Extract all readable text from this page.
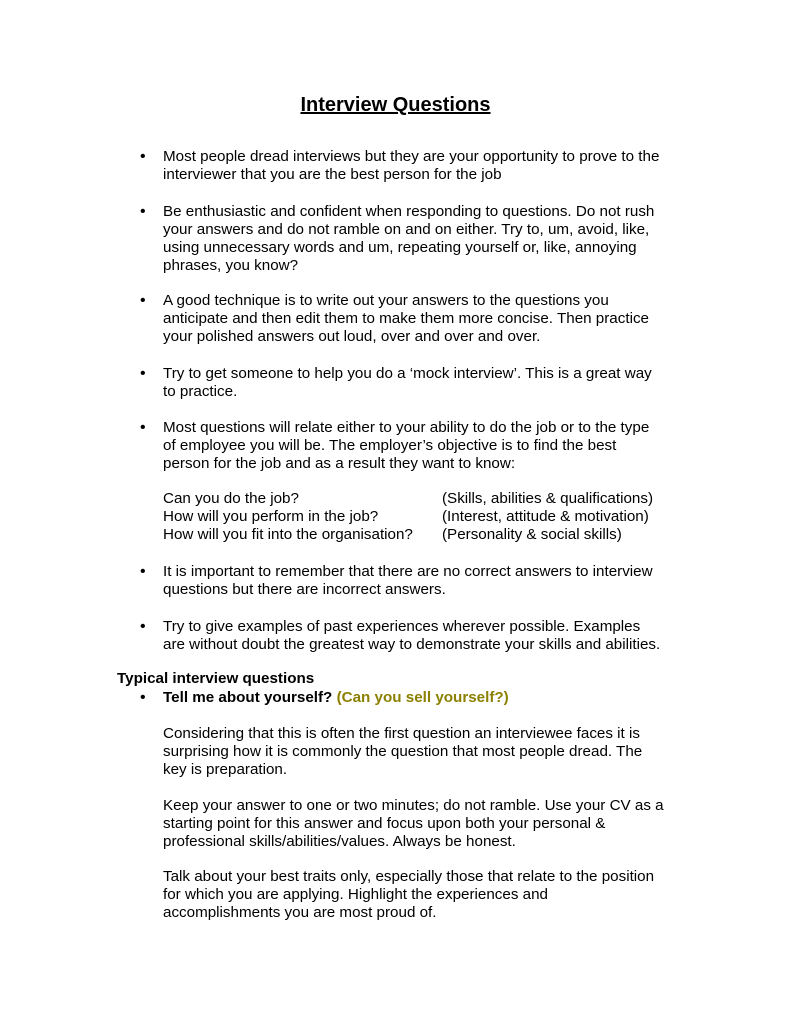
Interview Questions
• Most people dread interviews but they are your opportunity to prove to the
interviewer that you are the best person for the job
• Be enthusiastic and confident when responding to questions. Do not rush
your answers and do not ramble on and on either. Try to, um, avoid, like,
using unnecessary words and um, repeating yourself or, like, annoying
phrases, you know?
• A good technique is to write out your answers to the questions you
anticipate and then edit them to make them more concise. Then practice
your polished answers out loud, over and over and over.
• Try to get someone to help you do a ‘mock interview’. This is a great way
to practice.
• Most questions will relate either to your ability to do the job or to the type
of employee you will be. The employer’s objective is to find the best
person for the job and as a result they want to know:
Can you do the job?	(Skills, abilities & qualifications)
How will you perform in the job?	(Interest, attitude & motivation)
How will you fit into the organisation? (Personality & social skills)
• It is important to remember that there are no correct answers to interview
questions but there are incorrect answers.
• Try to give examples of past experiences wherever possible. Examples
are without doubt the greatest way to demonstrate your skills and abilities.
Typical interview questions
• Tell me about yourself? (Can you sell yourself?)
Considering that this is often the first question an interviewee faces it is
surprising how it is commonly the question that most people dread. The
key is preparation.
Keep your answer to one or two minutes; do not ramble. Use your CV as a
starting point for this answer and focus upon both your personal &
professional skills/abilities/values. Always be honest.
Talk about your best traits only, especially those that relate to the position
for which you are applying. Highlight the experiences and
accomplishments you are most proud of.
